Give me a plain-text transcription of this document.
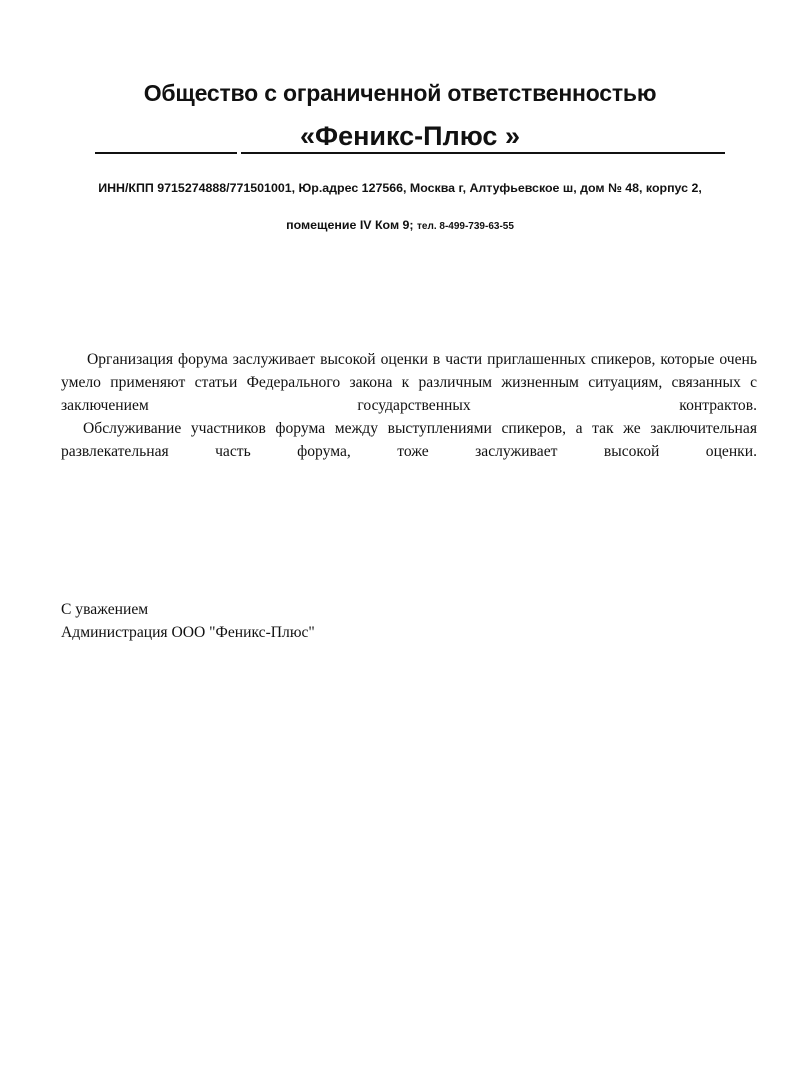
Общество с ограниченной ответственностью
«Феникс-Плюс »
ИНН/КПП 9715274888/771501001, Юр.адрес 127566, Москва г, Алтуфьевское ш, дом № 48, корпус 2,
помещение IV Ком 9; тел. 8-499-739-63-55

Организация форума заслуживает высокой оценки в части приглашенных спикеров, которые очень умело применяют статьи Федерального закона к различным жизненным ситуациям, связанных с заключением государственных контрактов.

Обслуживание участников форума между выступлениями спикеров, а так же заключительная развлекательная часть форума, тоже заслуживает высокой оценки.

С уважением
Администрация ООО "Феникс-Плюс"
